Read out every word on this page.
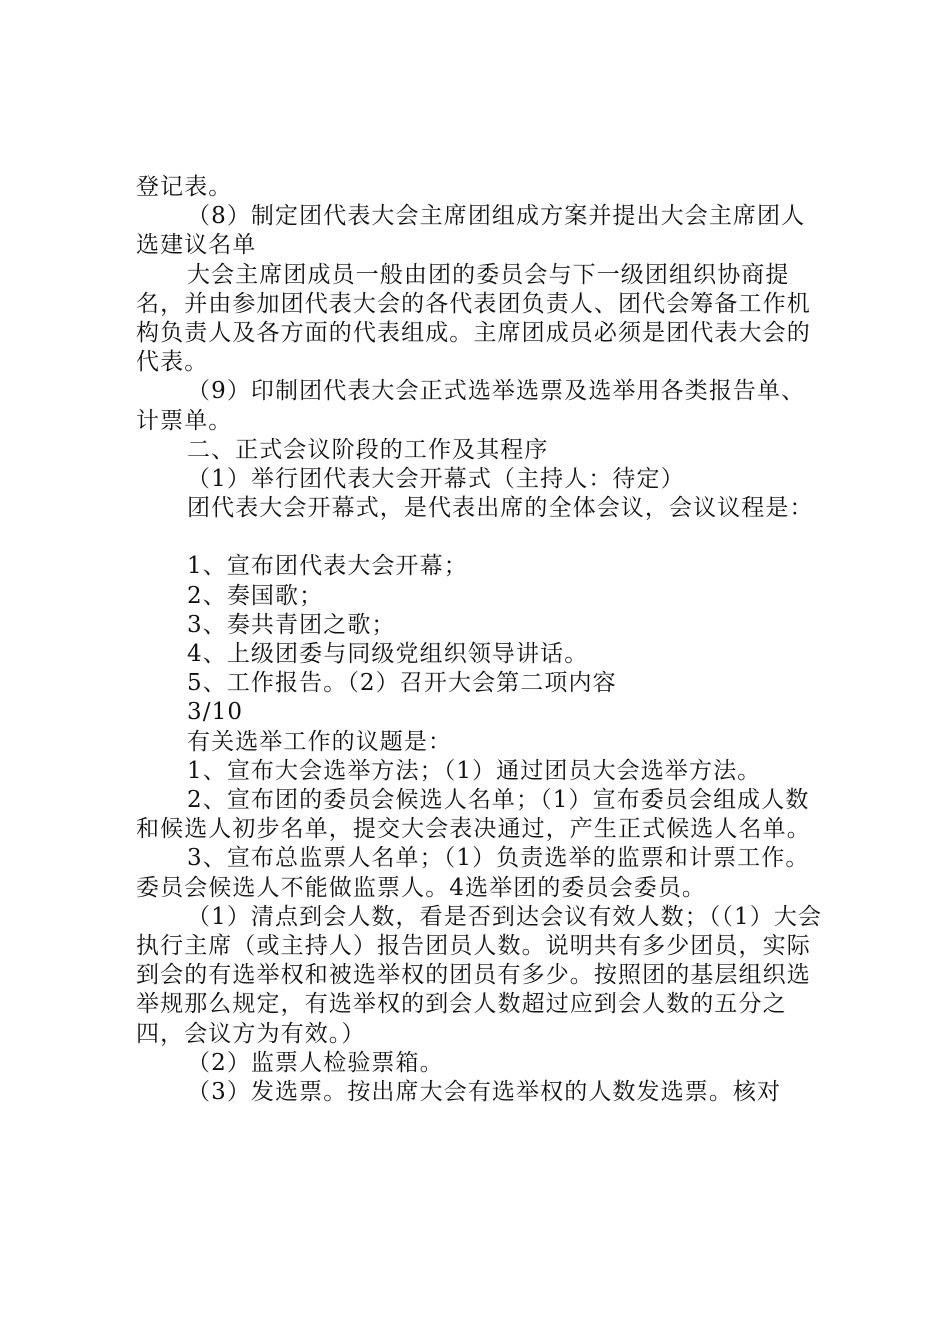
登记表。

（8）制定团代表大会主席团组成方案并提出大会主席团人选建议名单

大会主席团成员一般由团的委员会与下一级团组织协商提名，并由参加团代表大会的各代表团负责人、团代会筹备工作机构负责人及各方面的代表组成。主席团成员必须是团代表大会的代表。

（9）印制团代表大会正式选举选票及选举用各类报告单、计票单。

二、正式会议阶段的工作及其程序

（1）举行团代表大会开幕式（主持人：待定）

团代表大会开幕式，是代表出席的全体会议，会议议程是：

1、宣布团代表大会开幕；

2、奏国歌；

3、奏共青团之歌；

4、上级团委与同级党组织领导讲话。

5、工作报告。（2）召开大会第二项内容

3/10

有关选举工作的议题是：

1、宣布大会选举方法；（1）通过团员大会选举方法。

2、宣布团的委员会候选人名单；（1）宣布委员会组成人数和候选人初步名单，提交大会表决通过，产生正式候选人名单。

3、宣布总监票人名单；（1）负责选举的监票和计票工作。委员会候选人不能做监票人。4选举团的委员会委员。

（1）清点到会人数，看是否到达会议有效人数；（（1）大会执行主席（或主持人）报告团员人数。说明共有多少团员，实际到会的有选举权和被选举权的团员有多少。按照团的基层组织选举规那么规定，有选举权的到会人数超过应到会人数的五分之四，会议方为有效。）

（2）监票人检验票箱。

（3）发选票。按出席大会有选举权的人数发选票。核对
